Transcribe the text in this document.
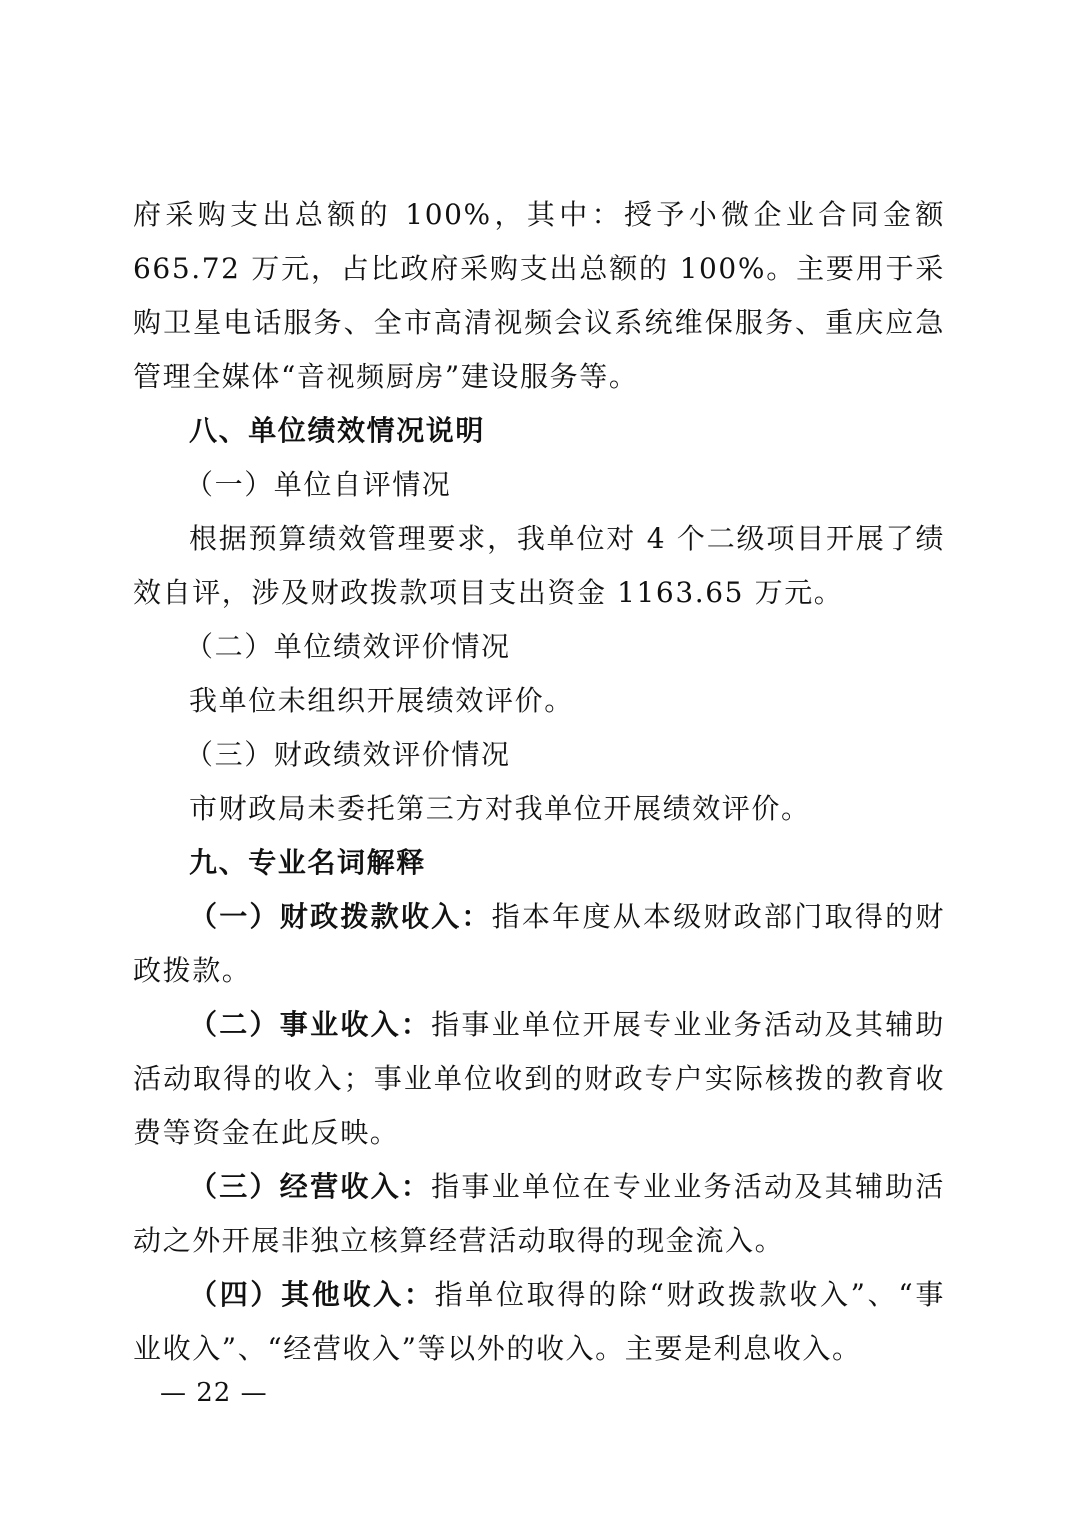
府采购支出总额的 100%，其中：授予小微企业合同金额 665.72 万元，占比政府采购支出总额的 100%。主要用于采购卫星电话服务、全市高清视频会议系统维保服务、重庆应急管理全媒体“音视频厨房”建设服务等。

八、单位绩效情况说明

（一）单位自评情况

根据预算绩效管理要求，我单位对 4 个二级项目开展了绩效自评，涉及财政拨款项目支出资金 1163.65 万元。

（二）单位绩效评价情况

我单位未组织开展绩效评价。

（三）财政绩效评价情况

市财政局未委托第三方对我单位开展绩效评价。

九、专业名词解释

（一）财政拨款收入：指本年度从本级财政部门取得的财政拨款。

（二）事业收入：指事业单位开展专业业务活动及其辅助活动取得的收入；事业单位收到的财政专户实际核拨的教育收费等资金在此反映。

（三）经营收入：指事业单位在专业业务活动及其辅助活动之外开展非独立核算经营活动取得的现金流入。

（四）其他收入：指单位取得的除“财政拨款收入”、“事业收入”、“经营收入”等以外的收入。主要是利息收入。

— 22 —
